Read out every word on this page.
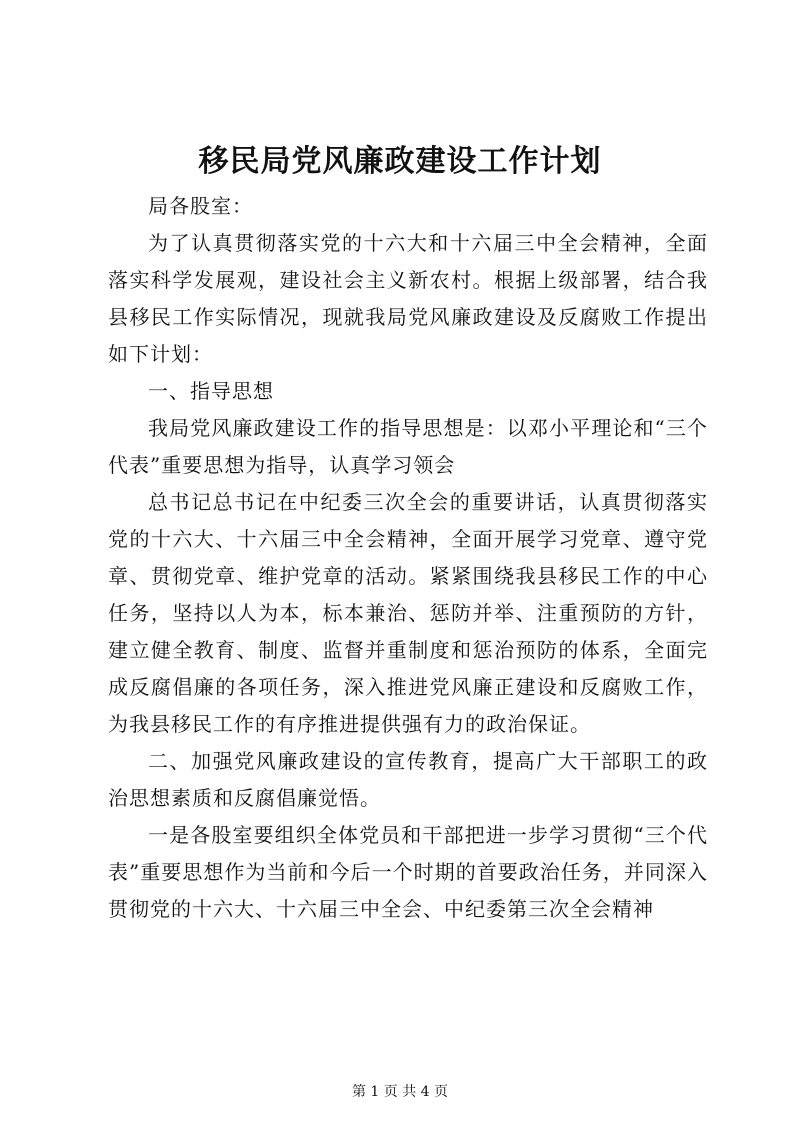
移民局党风廉政建设工作计划

局各股室：

为了认真贯彻落实党的十六大和十六届三中全会精神，全面落实科学发展观，建设社会主义新农村。根据上级部署，结合我县移民工作实际情况，现就我局党风廉政建设及反腐败工作提出如下计划：

一、指导思想

我局党风廉政建设工作的指导思想是：以邓小平理论和“三个代表”重要思想为指导，认真学习领会

总书记总书记在中纪委三次全会的重要讲话，认真贯彻落实党的十六大、十六届三中全会精神，全面开展学习党章、遵守党章、贯彻党章、维护党章的活动。紧紧围绕我县移民工作的中心任务，坚持以人为本，标本兼治、惩防并举、注重预防的方针，建立健全教育、制度、监督并重制度和惩治预防的体系，全面完成反腐倡廉的各项任务，深入推进党风廉正建设和反腐败工作，为我县移民工作的有序推进提供强有力的政治保证。

二、加强党风廉政建设的宣传教育，提高广大干部职工的政治思想素质和反腐倡廉觉悟。

一是各股室要组织全体党员和干部把进一步学习贯彻“三个代表”重要思想作为当前和今后一个时期的首要政治任务，并同深入贯彻党的十六大、十六届三中全会、中纪委第三次全会精神

第 1 页 共 4 页
